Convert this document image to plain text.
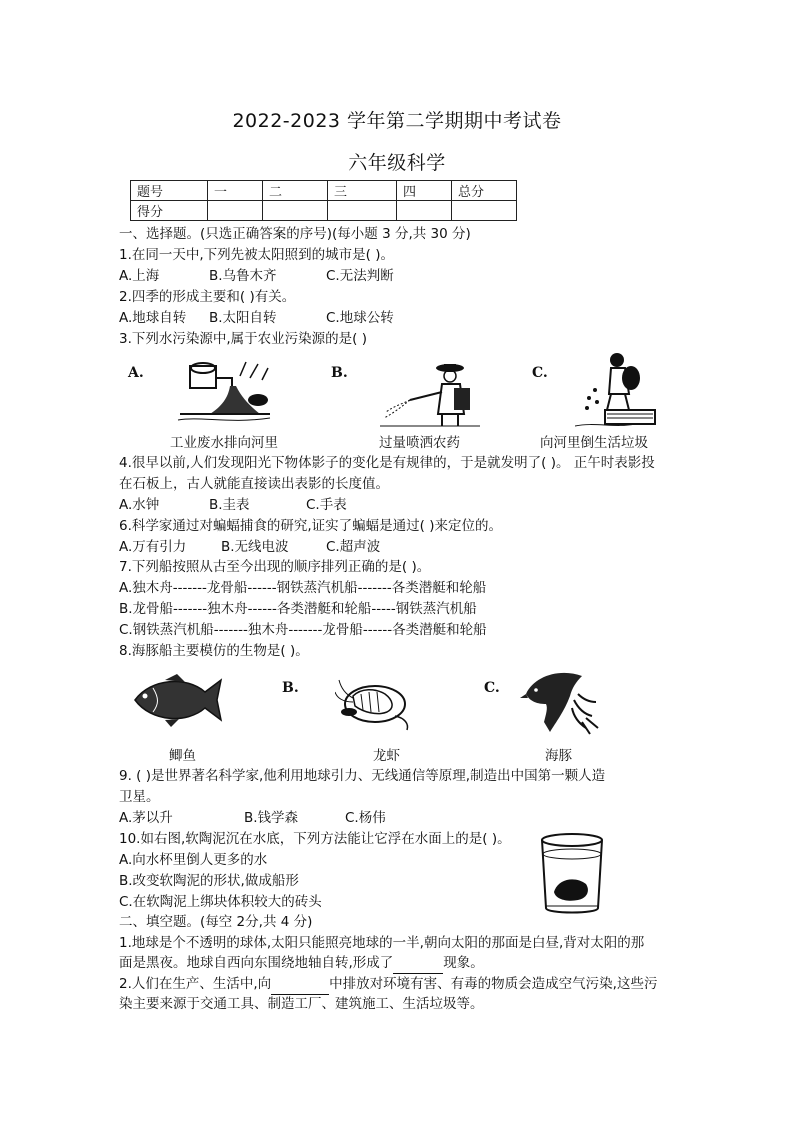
2022-2023 学年第二学期期中考试卷
六年级科学
题号	一	二	三	四	总分
得分					
一、选择题。(只选正确答案的序号)(每小题 3 分,共 30 分)
1.在同一天中,下列先被太阳照到的城市是( )。
A.上海	B.乌鲁木齐	C.无法判断
2.四季的形成主要和( )有关。
A.地球自转 B.太阳自转	C.地球公转
3.下列水污染源中,属于农业污染源的是( )
A.	B.	C.
工业废水排向河里	过量喷洒农药	向河里倒生活垃圾
4.很早以前,人们发现阳光下物体影子的变化是有规律的，于是就发明了( )。 正午时表影投
在石板上，古人就能直接读出表影的长度值。
A.水钟	B.圭表	C.手表
6.科学家通过对蝙蝠捕食的研究,证实了蝙蝠是通过( )来定位的。
A.万有引力	B.无线电波	C.超声波
7.下列船按照从古至今出现的顺序排列正确的是( )。
A.独木舟-------龙骨船------钢铁蒸汽机船-------各类潜艇和轮船
B.龙骨船-------独木舟------各类潜艇和轮船-----钢铁蒸汽机船
C.钢铁蒸汽机船-------独木舟-------龙骨船------各类潜艇和轮船
8.海豚船主要模仿的生物是( )。
B.	C.
鲫鱼	龙虾	海豚
9. ( )是世界著名科学家,他利用地球引力、无线通信等原理,制造出中国第一颗人造
卫星。
A.茅以升	B.钱学森	C.杨伟
10.如右图,软陶泥沉在水底，下列方法能让它浮在水面上的是( )。
A.向水杯里倒人更多的水
B.改变软陶泥的形状,做成船形
C.在软陶泥上绑块体积较大的砖头
二、填空题。(每空 2分,共 4 分)
1.地球是个不透明的球体,太阳只能照亮地球的一半,朝向太阳的那面是白昼,背对太阳的那
面是黑夜。地球自西向东围绕地轴自转,形成了	现象。
2.人们在生产、生活中,向	中排放对环境有害、有毒的物质会造成空气污染,这些污
染主要来源于交通工具、制造工厂、建筑施工、生活垃圾等。
